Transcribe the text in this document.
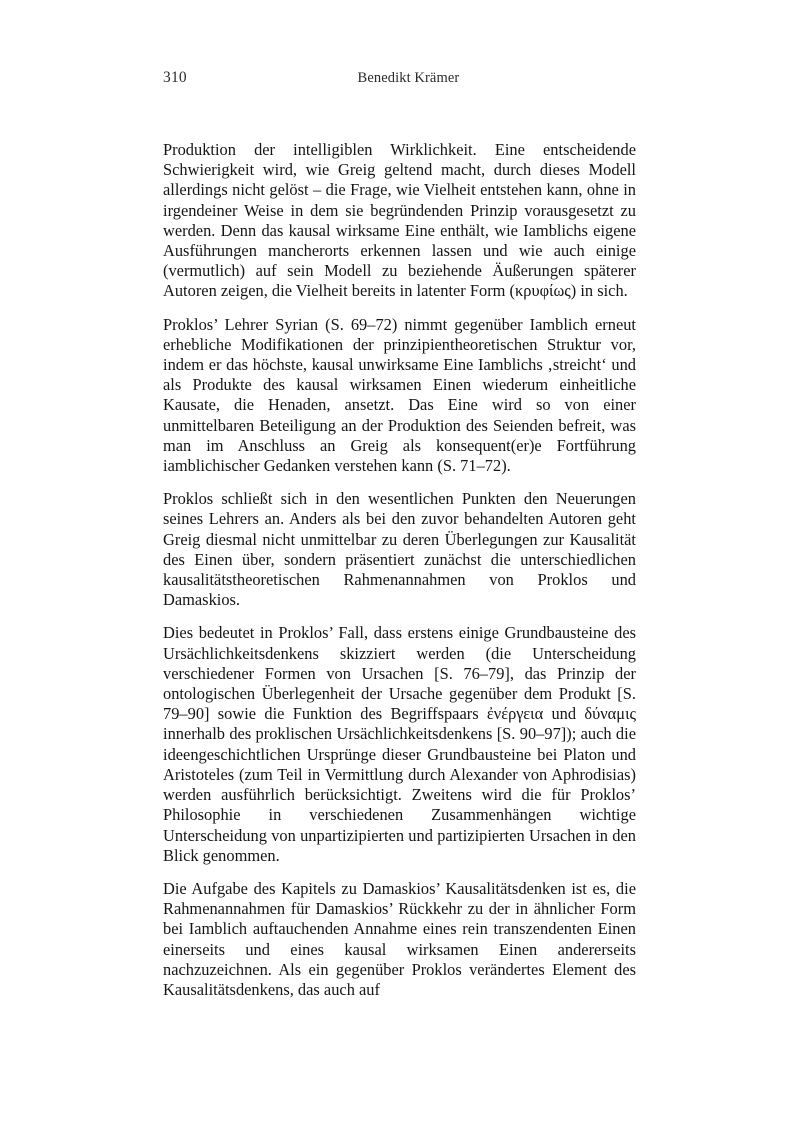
310	Benedikt Krämer

Produktion der intelligiblen Wirklichkeit. Eine entscheidende Schwierigkeit wird, wie Greig geltend macht, durch dieses Modell allerdings nicht gelöst – die Frage, wie Vielheit entstehen kann, ohne in irgendeiner Weise in dem sie begründenden Prinzip vorausgesetzt zu werden. Denn das kausal wirksame Eine enthält, wie Iamblichs eigene Ausführungen mancherorts erkennen lassen und wie auch einige (vermutlich) auf sein Modell zu beziehende Äußerungen späterer Autoren zeigen, die Vielheit bereits in latenter Form (κρυφίως) in sich.

Proklos’ Lehrer Syrian (S. 69–72) nimmt gegenüber Iamblich erneut erhebliche Modifikationen der prinzipientheoretischen Struktur vor, indem er das höchste, kausal unwirksame Eine Iamblichs ‚streicht‘ und als Produkte des kausal wirksamen Einen wiederum einheitliche Kausate, die Henaden, ansetzt. Das Eine wird so von einer unmittelbaren Beteiligung an der Produktion des Seienden befreit, was man im Anschluss an Greig als konsequent(er)e Fortführung iamblichischer Gedanken verstehen kann (S. 71–72).

Proklos schließt sich in den wesentlichen Punkten den Neuerungen seines Lehrers an. Anders als bei den zuvor behandelten Autoren geht Greig diesmal nicht unmittelbar zu deren Überlegungen zur Kausalität des Einen über, sondern präsentiert zunächst die unterschiedlichen kausalitätstheoretischen Rahmenannahmen von Proklos und Damaskios.

Dies bedeutet in Proklos’ Fall, dass erstens einige Grundbausteine des Ursächlichkeitsdenkens skizziert werden (die Unterscheidung verschiedener Formen von Ursachen [S. 76–79], das Prinzip der ontologischen Überlegenheit der Ursache gegenüber dem Produkt [S. 79–90] sowie die Funktion des Begriffspaars ἐνέργεια und δύναμις innerhalb des proklischen Ursächlichkeitsdenkens [S. 90–97]); auch die ideengeschichtlichen Ursprünge dieser Grundbausteine bei Platon und Aristoteles (zum Teil in Vermittlung durch Alexander von Aphrodisias) werden ausführlich berücksichtigt. Zweitens wird die für Proklos’ Philosophie in verschiedenen Zusammenhängen wichtige Unterscheidung von unpartizipierten und partizipierten Ursachen in den Blick genommen.

Die Aufgabe des Kapitels zu Damaskios’ Kausalitätsdenken ist es, die Rahmenannahmen für Damaskios’ Rückkehr zu der in ähnlicher Form bei Iamblich auftauchenden Annahme eines rein transzendenten Einen einerseits und eines kausal wirksamen Einen andererseits nachzuzeichnen. Als ein gegenüber Proklos verändertes Element des Kausalitätsdenkens, das auch auf
